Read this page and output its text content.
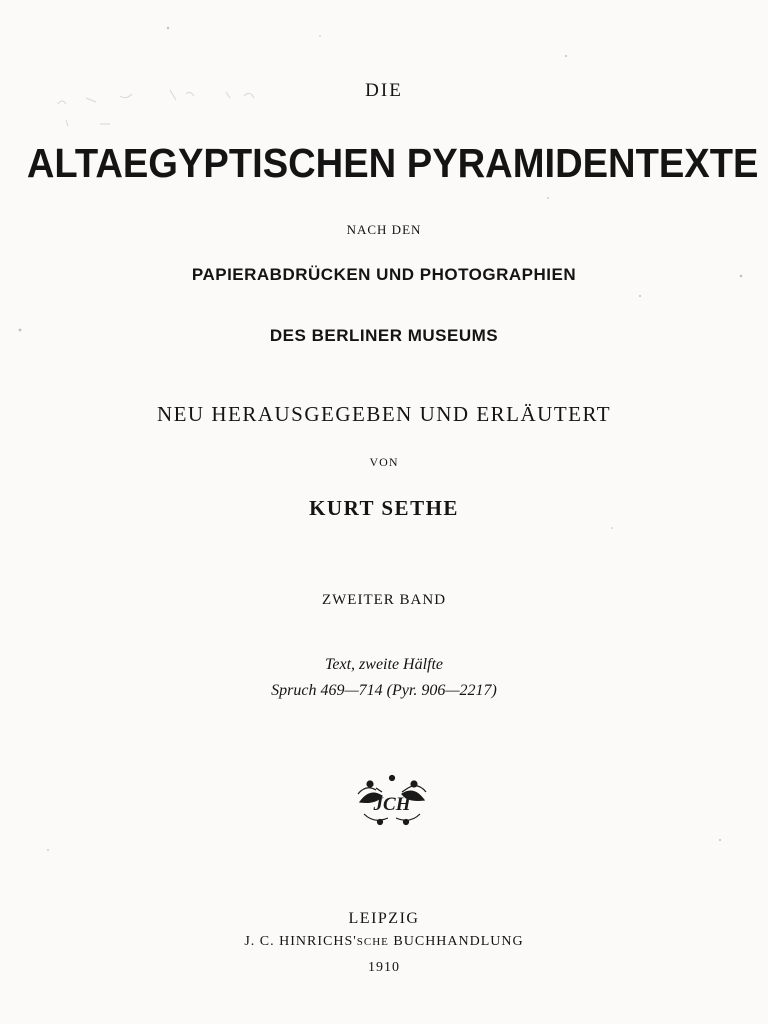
DIE
ALTAEGYPTISCHEN PYRAMIDENTEXTE
NACH DEN
PAPIERABDRÜCKEN UND PHOTOGRAPHIEN
DES BERLINER MUSEUMS
NEU HERAUSGEGEBEN UND ERLÄUTERT
VON
KURT SETHE
ZWEITER BAND
Text, zweite Hälfte
Spruch 469—714 (Pyr. 906—2217)
JCH
LEIPZIG
J. C. HINRICHS'SCHE BUCHHANDLUNG
1910
